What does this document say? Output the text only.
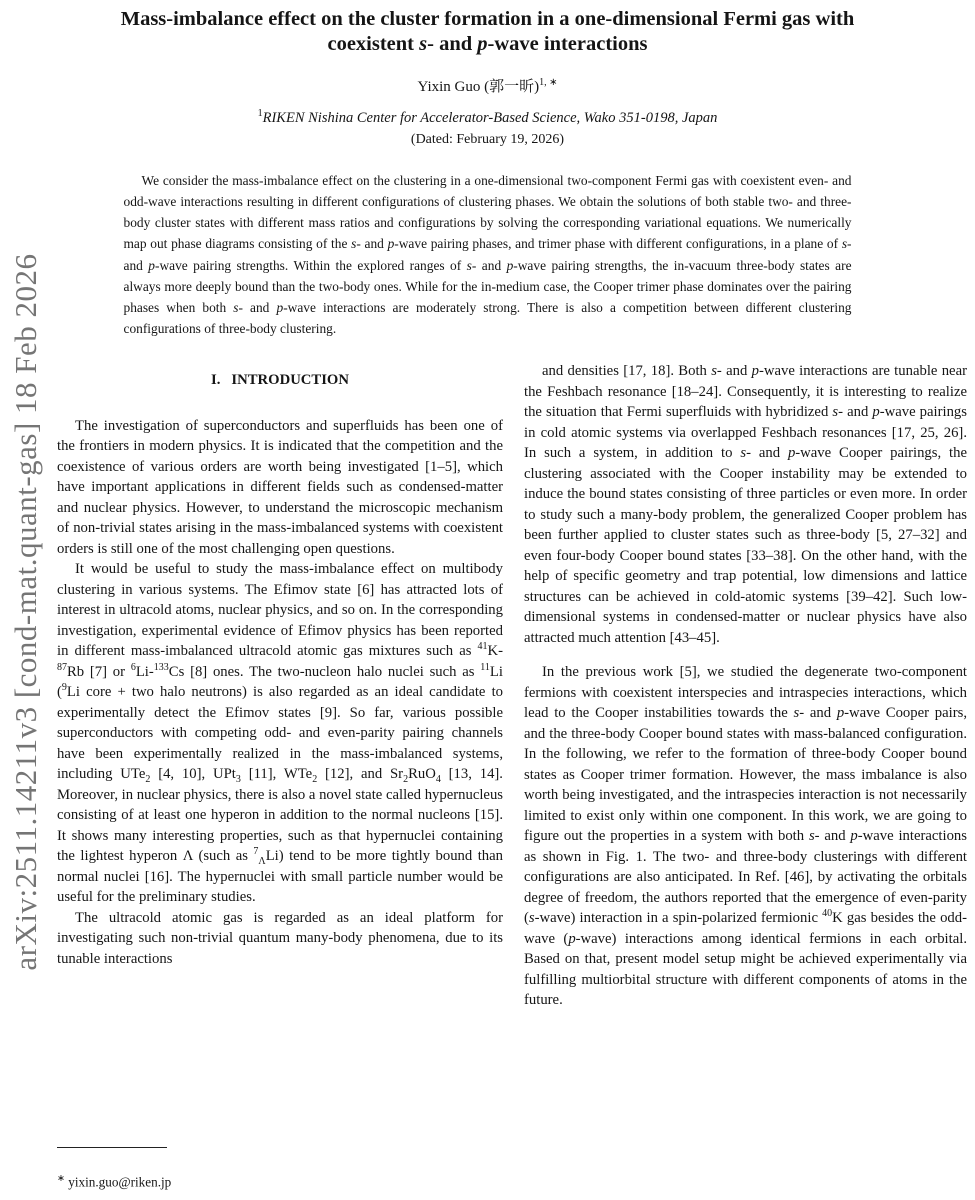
arXiv:2511.14211v3 [cond-mat.quant-gas] 18 Feb 2026
Mass-imbalance effect on the cluster formation in a one-dimensional Fermi gas with
coexistent s- and p-wave interactions
Yixin Guo (郭一昕)$^{1, ∗}$
$^1$RIKEN Nishina Center for Accelerator-Based Science, Wako 351-0198, Japan
(Dated: February 19, 2026)
We consider the mass-imbalance effect on the clustering in a one-dimensional two-component Fermi gas with coexistent even- and odd-wave interactions resulting in different configurations of clustering phases. We obtain the solutions of both stable two- and three-body cluster states with different mass ratios and configurations by solving the corresponding variational equations. We numerically map out phase diagrams consisting of the s- and p-wave pairing phases, and trimer phase with different configurations, in a plane of s- and p-wave pairing strengths. Within the explored ranges of s- and p-wave pairing strengths, the in-vacuum three-body states are always more deeply bound than the two-body ones. While for the in-medium case, the Cooper trimer phase dominates over the pairing phases when both s- and p-wave interactions are moderately strong. There is also a competition between different clustering configurations of three-body clustering.
I.   INTRODUCTION

The investigation of superconductors and superfluids has been one of the frontiers in modern physics. It is indicated that the competition and the coexistence of various orders are worth being investigated [1–5], which have important applications in different fields such as condensed-matter and nuclear physics. However, to understand the microscopic mechanism of non-trivial states arising in the mass-imbalanced systems with coexistent orders is still one of the most challenging open questions.

It would be useful to study the mass-imbalance effect on multibody clustering in various systems. The Efimov state [6] has attracted lots of interest in ultracold atoms, nuclear physics, and so on. In the corresponding investigation, experimental evidence of Efimov physics has been reported in different mass-imbalanced ultracold atomic gas mixtures such as $^{41}$K-$^{87}$Rb [7] or $^6$Li-$^{133}$Cs [8] ones. The two-nucleon halo nuclei such as $^{11}$Li ($^9$Li core + two halo neutrons) is also regarded as an ideal candidate to experimentally detect the Efimov states [9]. So far, various possible superconductors with competing odd- and even-parity pairing channels have been experimentally realized in the mass-imbalanced systems, including UTe$_2$ [4, 10], UPt$_3$ [11], WTe$_2$ [12], and $Sr_2RuO_4$ [13, 14]. Moreover, in nuclear physics, there is also a novel state called hypernucleus consisting of at least one hyperon in addition to the normal nucleons [15]. It shows many interesting properties, such as that hypernuclei containing the lightest hyperon Λ (such as $^7_\Lambda$Li) tend to be more tightly bound than normal nuclei [16]. The hypernuclei with small particle number would be useful for the preliminary studies.

The ultracold atomic gas is regarded as an ideal platform for investigating such non-trivial quantum many-body phenomena, due to its tunable interactions

and densities [17, 18]. Both s- and p-wave interactions are tunable near the Feshbach resonance [18–24]. Consequently, it is interesting to realize the situation that Fermi superfluids with hybridized s- and p-wave pairings in cold atomic systems via overlapped Feshbach resonances [17, 25, 26]. In such a system, in addition to s- and p-wave Cooper pairings, the clustering associated with the Cooper instability may be extended to induce the bound states consisting of three particles or even more. In order to study such a many-body problem, the generalized Cooper problem has been further applied to cluster states such as three-body [5, 27–32] and even four-body Cooper bound states [33–38]. On the other hand, with the help of specific geometry and trap potential, low dimensions and lattice structures can be achieved in cold-atomic systems [39–42]. Such low-dimensional systems in condensed-matter or nuclear physics have also attracted much attention [43–45].

In the previous work [5], we studied the degenerate two-component fermions with coexistent interspecies and intraspecies interactions, which lead to the Cooper instabilities towards the s- and p-wave Cooper pairs, and the three-body Cooper bound states with mass-balanced configuration. In the following, we refer to the formation of three-body Cooper bound states as Cooper trimer formation. However, the mass imbalance is also worth being investigated, and the intraspecies interaction is not necessarily limited to exist only within one component. In this work, we are going to figure out the properties in a system with both s- and p-wave interactions as shown in Fig. 1. The two- and three-body clusterings with different configurations are also anticipated. In Ref. [46], by activating the orbitals degree of freedom, the authors reported that the emergence of even-parity (s-wave) interaction in a spin-polarized fermionic $^{40}$K gas besides the odd-wave (p-wave) interactions among identical fermions in each orbital. Based on that, present model setup might be achieved experimentally via fulfilling multiorbital structure with different components of atoms in the future.

∗ yixin.guo@riken.jp
